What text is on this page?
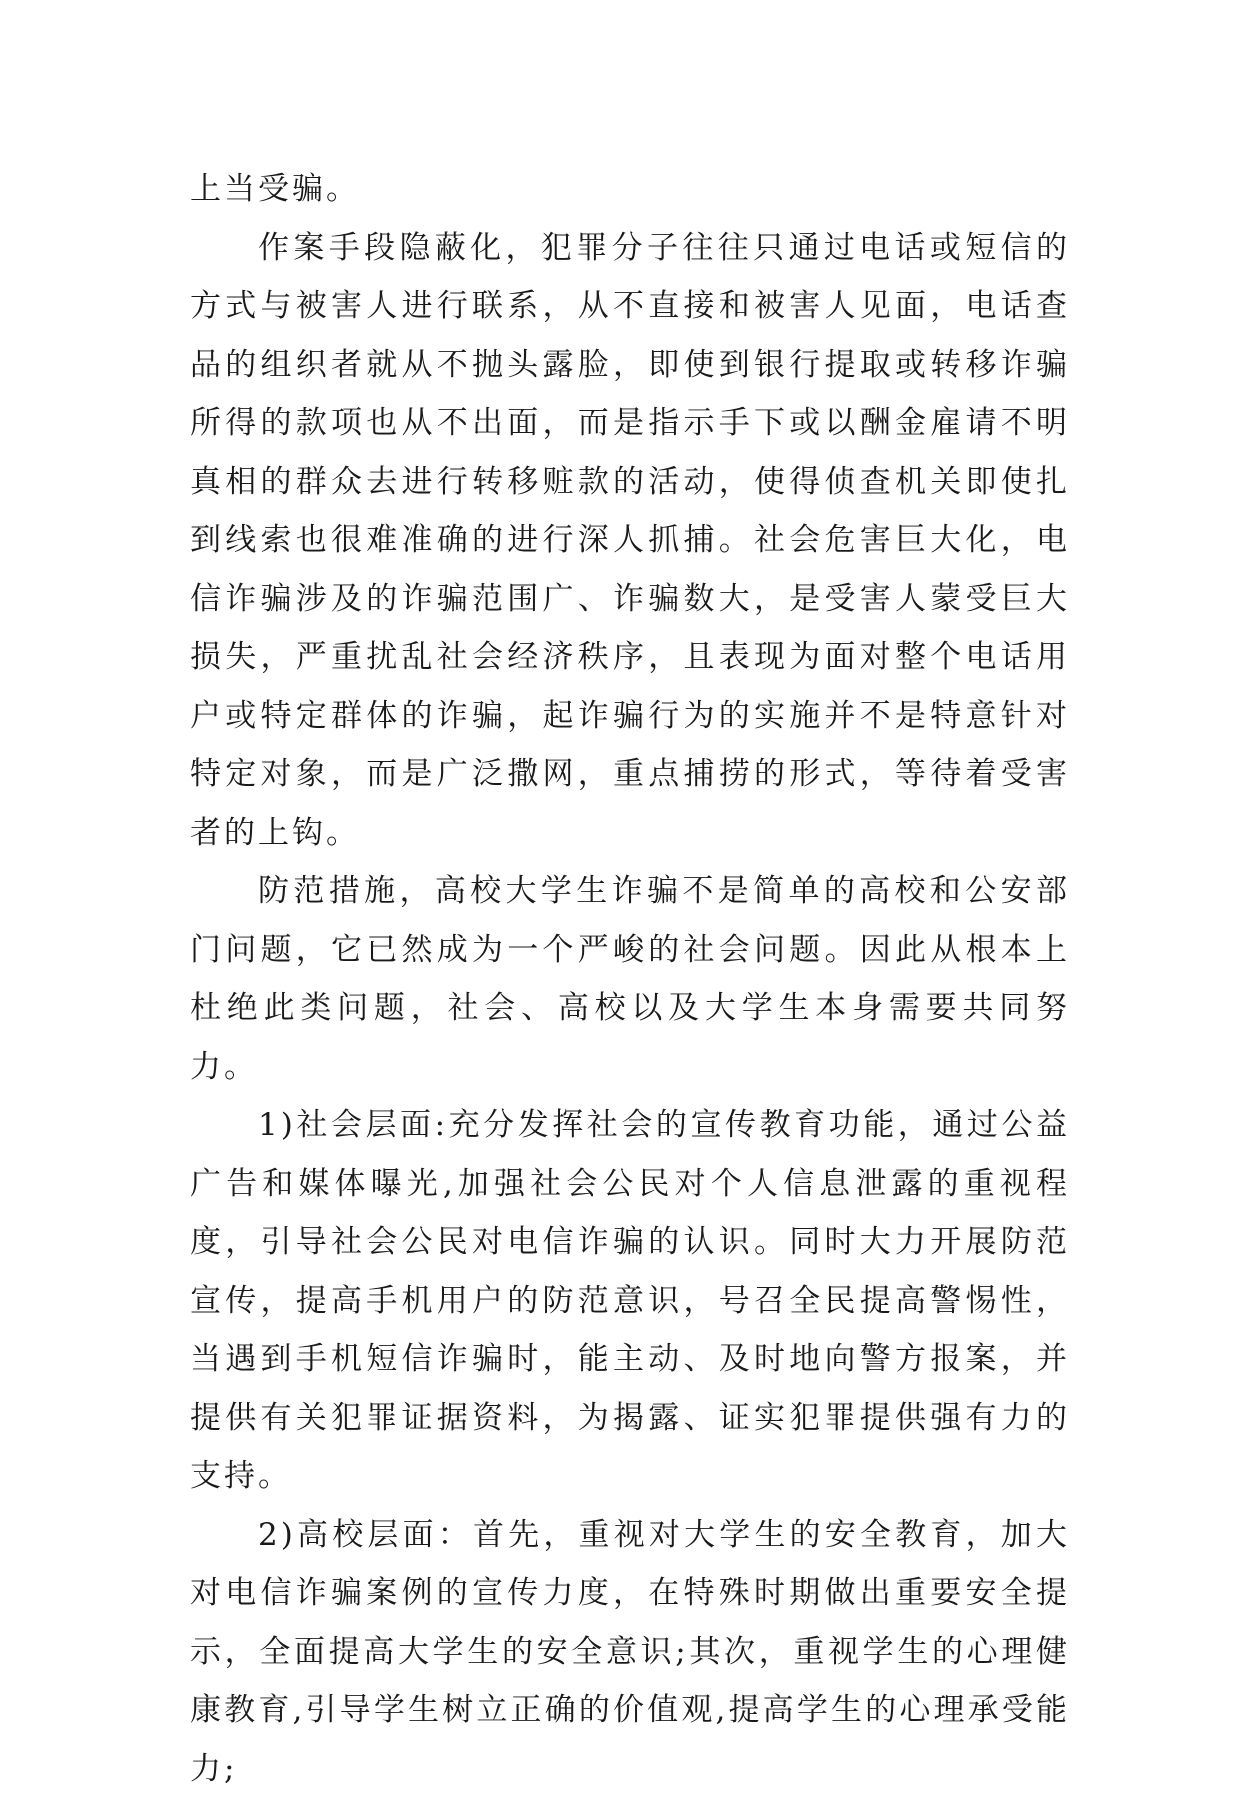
上当受骗。

作案手段隐蔽化，犯罪分子往往只通过电话或短信的方式与被害人进行联系，从不直接和被害人见面，电话查品的组织者就从不抛头露脸，即使到银行提取或转移诈骗所得的款项也从不出面，而是指示手下或以酬金雇请不明真相的群众去进行转移赃款的活动，使得侦查机关即使扎到线索也很难准确的进行深人抓捕。社会危害巨大化，电信诈骗涉及的诈骗范围广、诈骗数大，是受害人蒙受巨大损失，严重扰乱社会经济秩序，且表现为面对整个电话用户或特定群体的诈骗，起诈骗行为的实施并不是特意针对特定对象，而是广泛撒网，重点捕捞的形式，等待着受害者的上钩。

防范措施，高校大学生诈骗不是简单的高校和公安部门问题，它已然成为一个严峻的社会问题。因此从根本上杜绝此类问题，社会、高校以及大学生本身需要共同努力。

1)社会层面:充分发挥社会的宣传教育功能，通过公益广告和媒体曝光,加强社会公民对个人信息泄露的重视程度，引导社会公民对电信诈骗的认识。同时大力开展防范宣传，提高手机用户的防范意识，号召全民提高警惕性，当遇到手机短信诈骗时，能主动、及时地向警方报案，并提供有关犯罪证据资料，为揭露、证实犯罪提供强有力的支持。

2)高校层面：首先，重视对大学生的安全教育，加大对电信诈骗案例的宣传力度，在特殊时期做出重要安全提示，全面提高大学生的安全意识;其次，重视学生的心理健康教育,引导学生树立正确的价值观,提高学生的心理承受能力;
